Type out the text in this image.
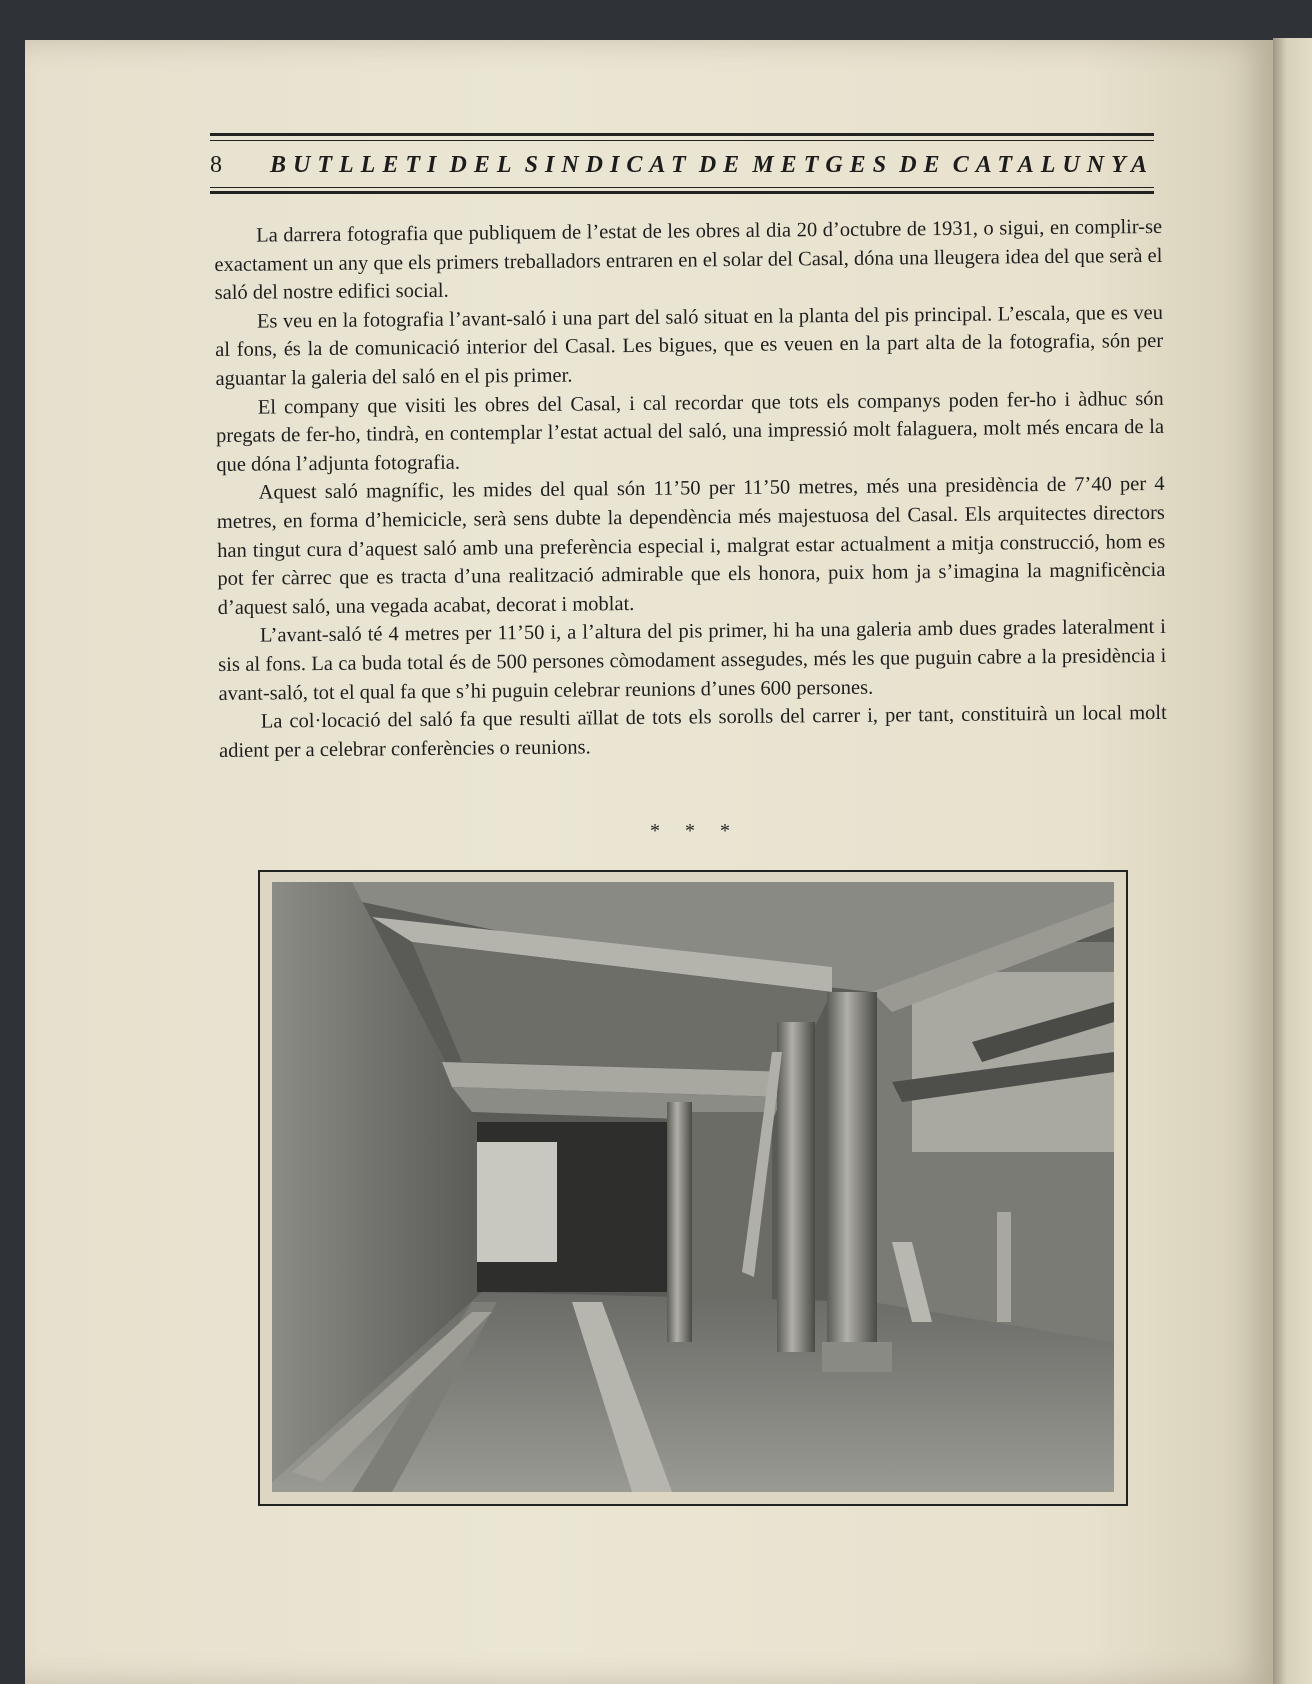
8	BUTLLETI DEL SINDICAT DE METGES DE CATALUNYA

La darrera fotografia que publiquem de l’estat de les obres al dia 20 d’octubre de 1931, o sigui, en complir-se exactament un any que els primers treballadors entraren en el solar del Casal, dóna una lleugera idea del que serà el saló del nostre edifici social.

Es veu en la fotografia l’avant-saló i una part del saló situat en la planta del pis principal. L’escala, que es veu al fons, és la de comunicació interior del Casal. Les bigues, que es veuen en la part alta de la fotografia, són per aguantar la galeria del saló en el pis primer.

El company que visiti les obres del Casal, i cal recordar que tots els companys poden fer-ho i àdhuc són pregats de fer-ho, tindrà, en contemplar l’estat actual del saló, una impressió molt falaguera, molt més encara de la que dóna l’adjunta fotografia.

Aquest saló magnífic, les mides del qual són 11’50 per 11’50 metres, més una presidència de 7’40 per 4 metres, en forma d’hemicicle, serà sens dubte la dependència més majestuosa del Casal. Els arquitectes directors han tingut cura d’aquest saló amb una preferència especial i, malgrat estar actualment a mitja construcció, hom es pot fer càrrec que es tracta d’una realització admirable que els honora, puix hom ja s’imagina la magnificència d’aquest saló, una vegada acabat, decorat i moblat.

L’avant-saló té 4 metres per 11’50 i, a l’altura del pis primer, hi ha una galeria amb dues grades lateralment i sis al fons. La ca buda total és de 500 persones còmodament assegudes, més les que puguin cabre a la presidència i avant-saló, tot el qual fa que s’hi puguin celebrar reunions d’unes 600 persones.

La col·locació del saló fa que resulti aïllat de tots els sorolls del carrer i, per tant, constituirà un local molt adient per a celebrar conferències o reunions.

* * *
